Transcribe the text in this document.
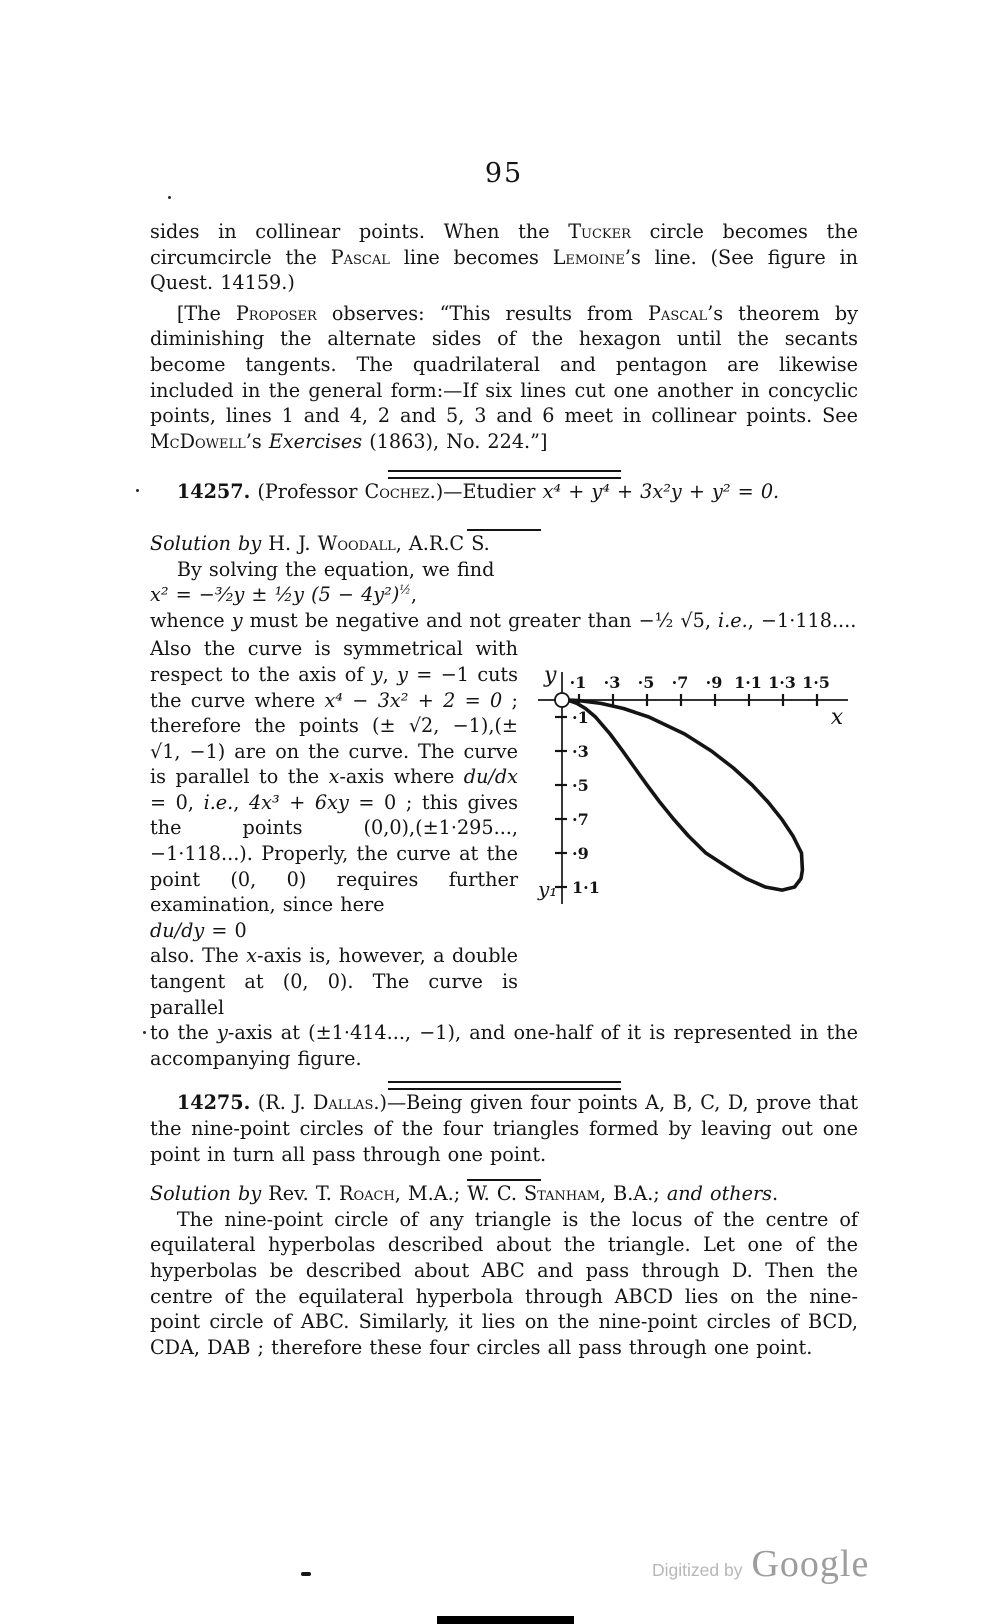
95

sides in collinear points. When the Tucker circle becomes the circumcircle the Pascal line becomes Lemoine’s line. (See figure in Quest. 14159.)

[The Proposer observes: “This results from Pascal’s theorem by diminishing the alternate sides of the hexagon until the secants become tangents. The quadrilateral and pentagon are likewise included in the general form:—If six lines cut one another in concyclic points, lines 1 and 4, 2 and 5, 3 and 6 meet in collinear points. See McDowell’s Exercises (1863), No. 224.”]

14257. (Professor Cochez.)—Etudier x⁴ + y⁴ + 3x²y + y² = 0.

Solution by H. J. Woodall, A.R.C S.

By solving the equation, we find

x² = −³⁄₂y ± ½y $(5 - 4y^2)^{\frac{1}{2}}$,

whence y must be negative and not greater than −½ √5, i.e., −1·118....

Also the curve is symmetrical with respect to the axis of y, y = −1 cuts the curve where x⁴ − 3x² + 2 = 0 ; therefore the points (± √2, −1),(± √1, −1) are on the curve. The curve is parallel to the x-axis where du/dx = 0, i.e., 4x³ + 6xy = 0 ; this gives the points (0,0),(±1·295..., −1·118...). Properly, the curve at the point (0, 0) requires further examination, since here

du/dy = 0

also. The x-axis is, however, a double tangent at (0, 0). The curve is parallel

·1 ·3 ·5 ·7 ·9 1·1 1·3 1·5
·1
·3
·5
·7
·9
1·1
y
x
y₁

to the y-axis at (±1·414..., −1), and one-half of it is represented in the accompanying figure.

14275. (R. J. Dallas.)—Being given four points A, B, C, D, prove that the nine-point circles of the four triangles formed by leaving out one point in turn all pass through one point.

Solution by Rev. T. Roach, M.A.; W. C. Stanham, B.A.; and others.

The nine-point circle of any triangle is the locus of the centre of equilateral hyperbolas described about the triangle. Let one of the hyperbolas be described about ABC and pass through D. Then the centre of the equilateral hyperbola through ABCD lies on the nine-point circle of ABC. Similarly, it lies on the nine-point circles of BCD, CDA, DAB ; therefore these four circles all pass through one point.

Digitized by Google
